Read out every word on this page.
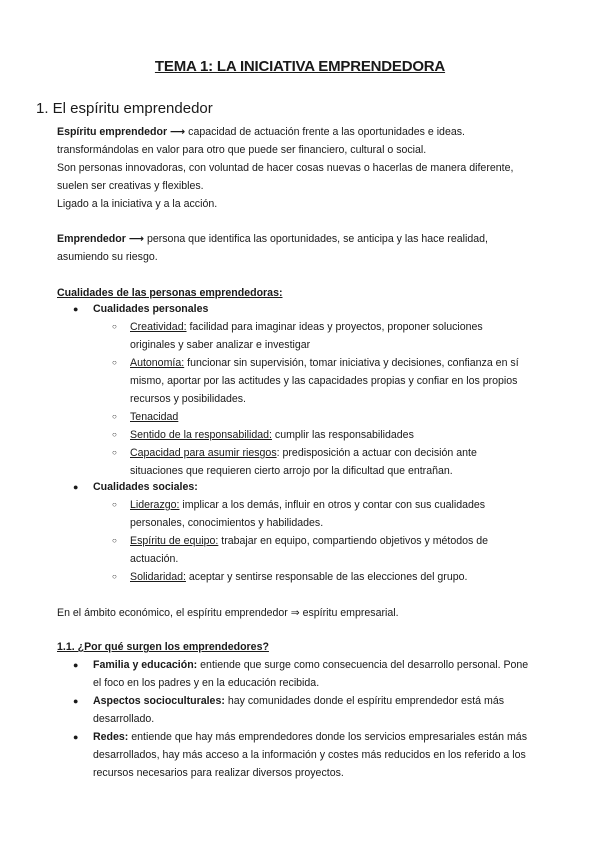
TEMA 1: LA INICIATIVA EMPRENDEDORA
1. El espíritu emprendedor

Espíritu emprendedor ⟶ capacidad de actuación frente a las oportunidades e ideas.

transformándolas en valor para otro que puede ser financiero, cultural o social.

Son personas innovadoras, con voluntad de hacer cosas nuevas o hacerlas de manera diferente,

suelen ser creativas y flexibles.

Ligado a la iniciativa y a la acción.

Emprendedor ⟶ persona que identifica las oportunidades, se anticipa y las hace realidad,

asumiendo su riesgo.

Cualidades de las personas emprendedoras:

● Cualidades personales
○ Creatividad: facilidad para imaginar ideas y proyectos, proponer soluciones
originales y saber analizar e investigar
○ Autonomía: funcionar sin supervisión, tomar iniciativa y decisiones, confianza en sí
mismo, aportar por las actitudes y las capacidades propias y confiar en los propios
recursos y posibilidades.
○ Tenacidad
○ Sentido de la responsabilidad: cumplir las responsabilidades
○ Capacidad para asumir riesgos: predisposición a actuar con decisión ante
situaciones que requieren cierto arrojo por la dificultad que entrañan.
● Cualidades sociales:
○ Liderazgo: implicar a los demás, influir en otros y contar con sus cualidades
personales, conocimientos y habilidades.
○ Espíritu de equipo: trabajar en equipo, compartiendo objetivos y métodos de
actuación.
○ Solidaridad: aceptar y sentirse responsable de las elecciones del grupo.

En el ámbito económico, el espíritu emprendedor ⇒ espíritu empresarial.

1.1. ¿Por qué surgen los emprendedores?

● Familia y educación: entiende que surge como consecuencia del desarrollo personal. Pone
el foco en los padres y en la educación recibida.
● Aspectos socioculturales: hay comunidades donde el espíritu emprendedor está más
desarrollado.
● Redes: entiende que hay más emprendedores donde los servicios empresariales están más
desarrollados, hay más acceso a la información y costes más reducidos en los referido a los
recursos necesarios para realizar diversos proyectos.
